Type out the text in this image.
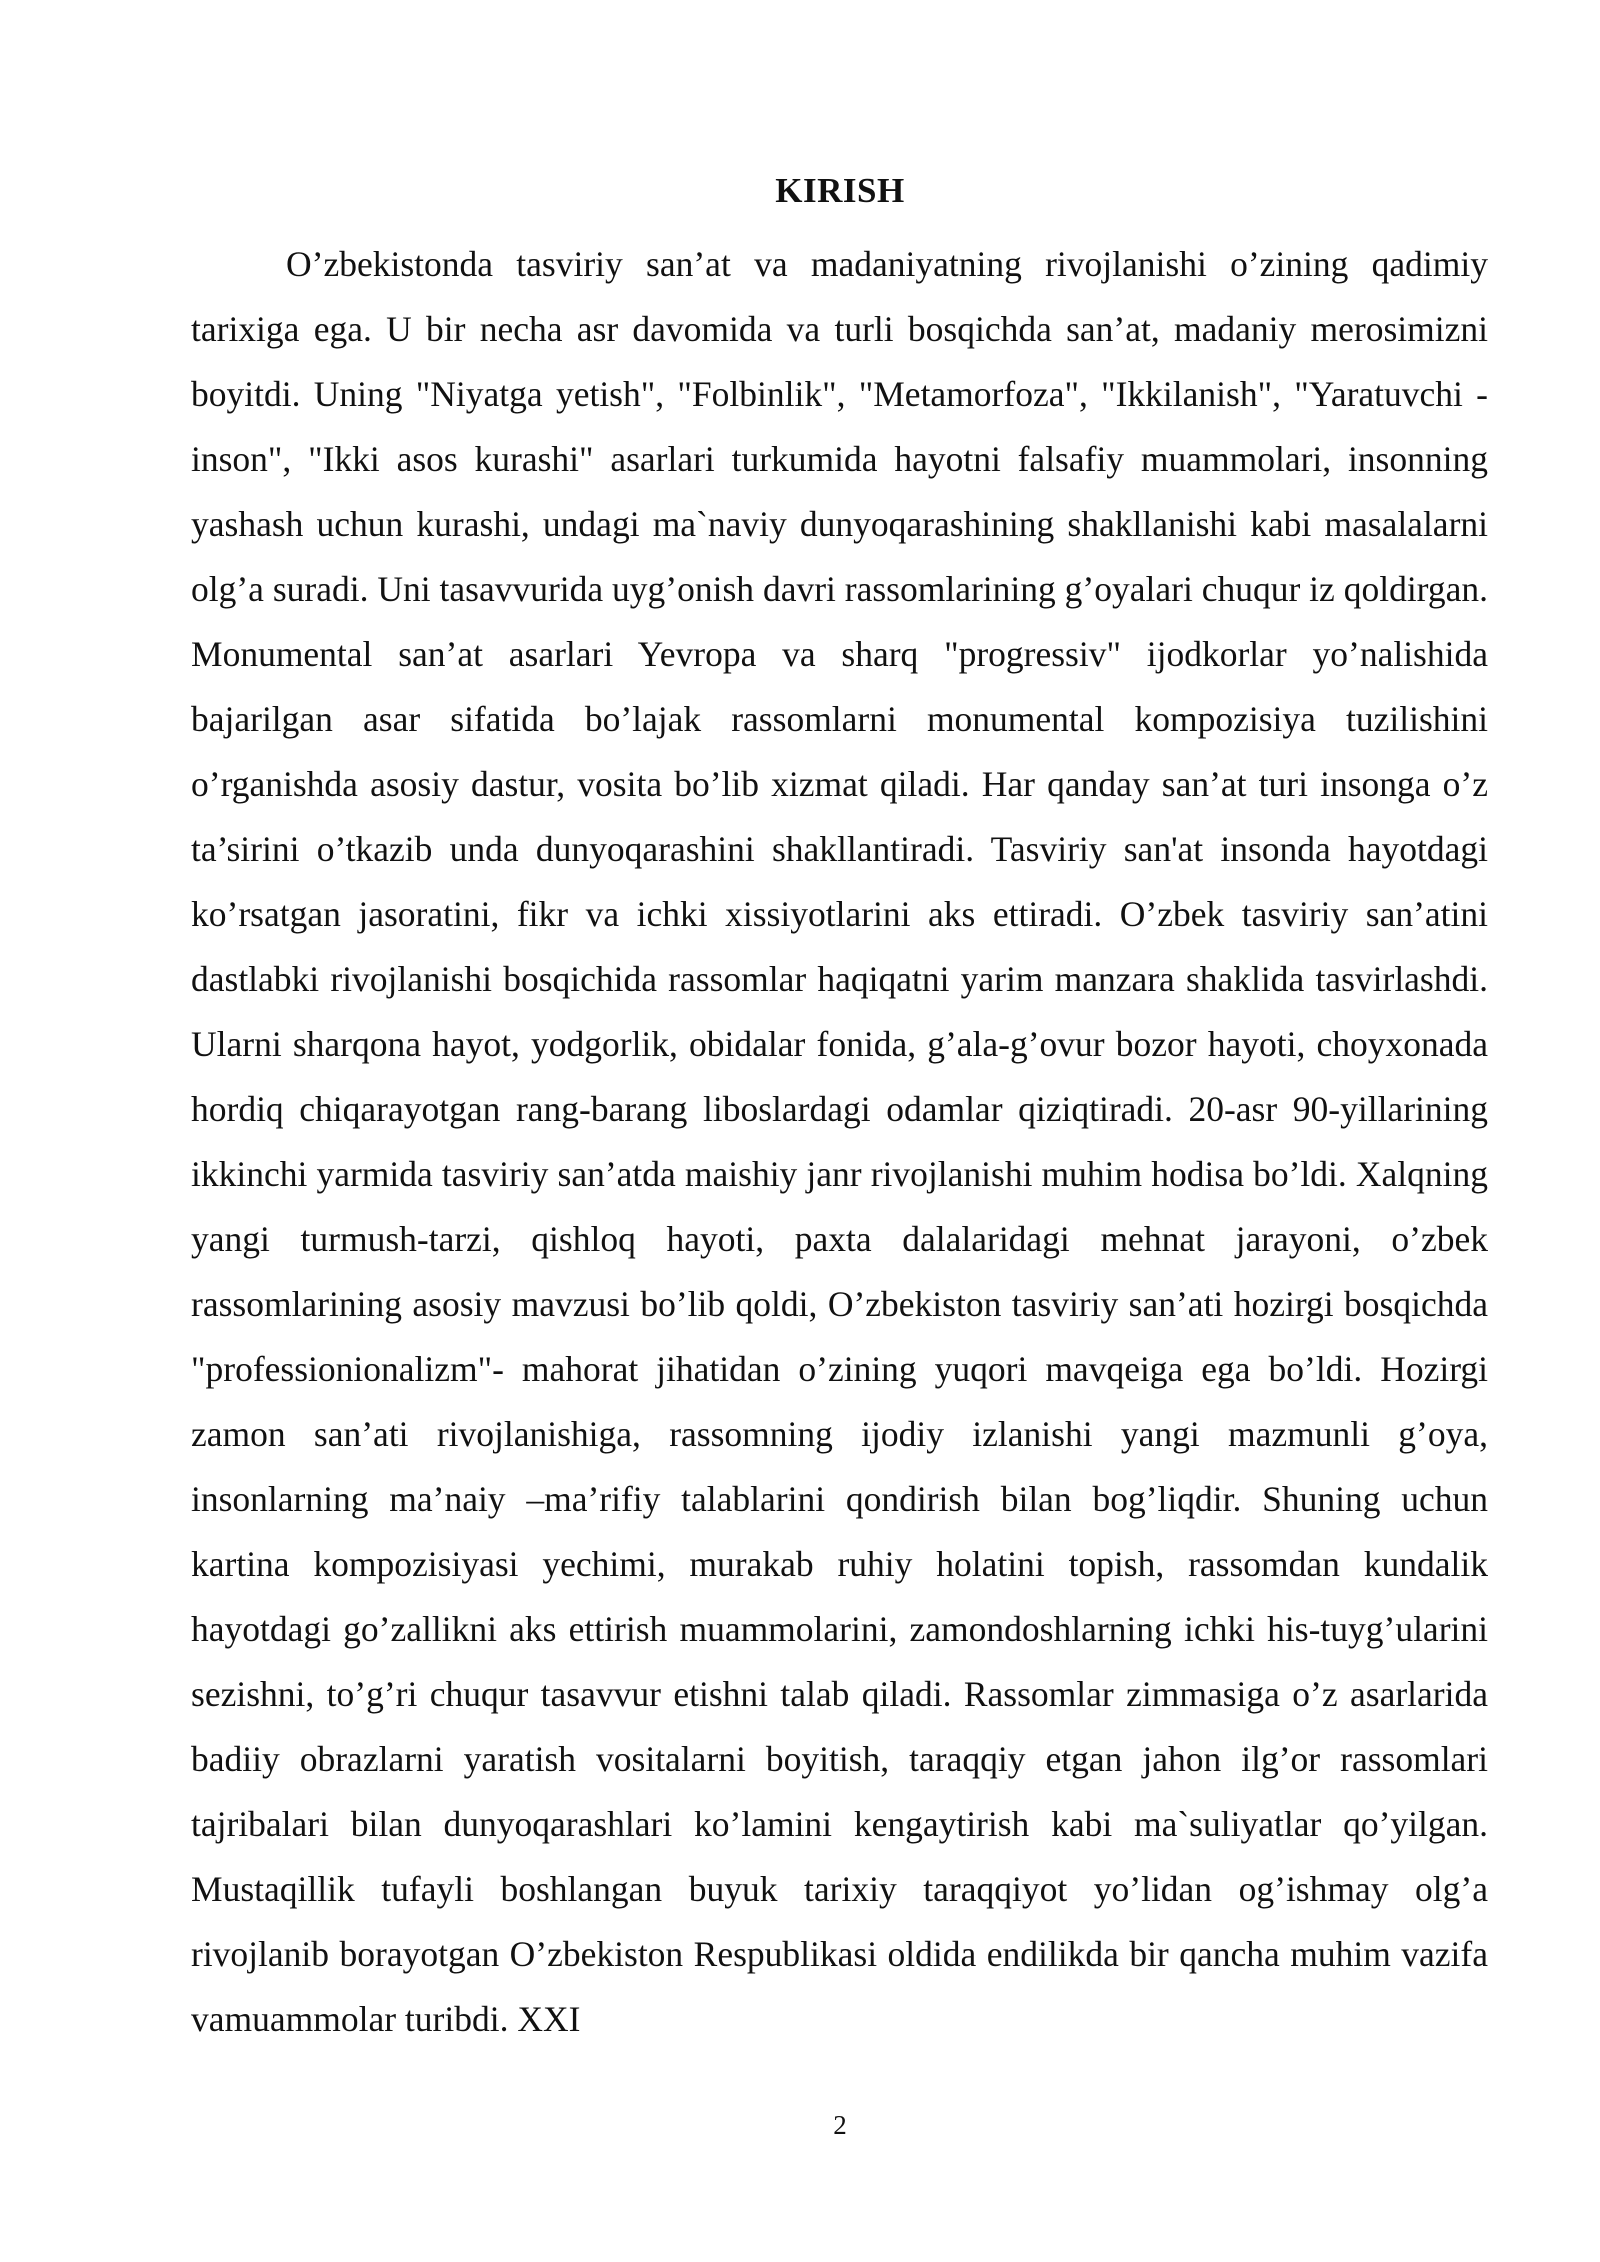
KIRISH

O’zbekistonda tasviriy san’at va madaniyatning rivojlanishi o’zining qadimiy tarixiga ega. U bir necha asr davomida va turli bosqichda san’at, madaniy merosimizni boyitdi. Uning "Niyatga yetish", "Folbinlik", "Metamorfoza", "Ikkilanish", "Yaratuvchi - inson", "Ikki asos kurashi" asarlari turkumida hayotni falsafiy muammolari, insonning yashash uchun kurashi, undagi ma`naviy dunyoqarashining shakllanishi kabi masalalarni olg’a suradi. Uni tasavvurida uyg’onish davri rassomlarining g’oyalari chuqur iz qoldirgan. Monumental san’at asarlari Yevropa va sharq "progressiv" ijodkorlar yo’nalishida bajarilgan asar sifatida bo’lajak rassomlarni monumental kompozisiya tuzilishini o’rganishda asosiy dastur, vosita bo’lib xizmat qiladi. Har qanday san’at turi insonga o’z ta’sirini o’tkazib unda dunyoqarashini shakllantiradi. Tasviriy san'at insonda hayotdagi ko’rsatgan jasoratini, fikr va ichki xissiyotlarini aks ettiradi. O’zbek tasviriy san’atini dastlabki rivojlanishi bosqichida rassomlar haqiqatni yarim manzara shaklida tasvirlashdi. Ularni sharqona hayot, yodgorlik, obidalar fonida, g’ala-g’ovur bozor hayoti, choyxonada hordiq chiqarayotgan rang-barang liboslardagi odamlar qiziqtiradi. 20-asr 90-yillarining ikkinchi yarmida tasviriy san’atda maishiy janr rivojlanishi muhim hodisa bo’ldi. Xalqning yangi turmush-tarzi, qishloq hayoti, paxta dalalaridagi mehnat jarayoni, o’zbek rassomlarining asosiy mavzusi bo’lib qoldi, O’zbekiston tasviriy san’ati hozirgi bosqichda "professionionalizm"- mahorat jihatidan o’zining yuqori mavqeiga ega bo’ldi. Hozirgi zamon san’ati rivojlanishiga, rassomning ijodiy izlanishi yangi mazmunli g’oya, insonlarning ma’naiy –ma’rifiy talablarini qondirish bilan bog’liqdir. Shuning uchun kartina kompozisiyasi yechimi, murakab ruhiy holatini topish, rassomdan kundalik hayotdagi go’zallikni aks ettirish muammolarini, zamondoshlarning ichki his-tuyg’ularini sezishni, to’g’ri chuqur tasavvur etishni talab qiladi. Rassomlar zimmasiga o’z asarlarida badiiy obrazlarni yaratish vositalarni boyitish, taraqqiy etgan jahon ilg’or rassomlari tajribalari bilan dunyoqarashlari ko’lamini kengaytirish kabi ma`suliyatlar qo’yilgan. Mustaqillik tufayli boshlangan buyuk tarixiy taraqqiyot yo’lidan og’ishmay olg’a rivojlanib borayotgan O’zbekiston Respublikasi oldida endilikda bir qancha muhim vazifa vamuammolar turibdi. XXI

2
